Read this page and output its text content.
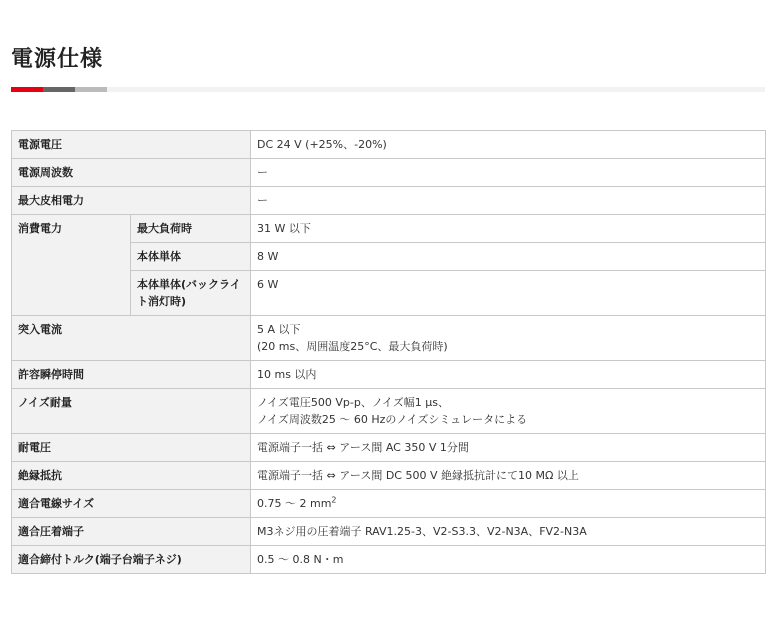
電源仕様
電源電圧		DC 24 V (+25%、-20%)
電源周波数		ー
最大皮相電力		ー
消費電力	最大負荷時	31 W 以下
	本体単体	8 W
	本体単体(バックライト消灯時)	6 W
突入電流		5 A 以下
(20 ms、周囲温度25°C、最大負荷時)
許容瞬停時間		10 ms 以内
ノイズ耐量		ノイズ電圧500 Vp-p、ノイズ幅1 μs、
ノイズ周波数25 〜 60 Hzのノイズシミュレータによる
耐電圧		電源端子一括 ⇔ アース間 AC 350 V 1分間
絶縁抵抗		電源端子一括 ⇔ アース間 DC 500 V 絶縁抵抗計にて10 MΩ 以上
適合電線サイズ		0.75 〜 2 $mm^2$
適合圧着端子		M3ネジ用の圧着端子 RAV1.25-3、V2-S3.3、V2-N3A、FV2-N3A
適合締付トルク(端子台端子ネジ)		0.5 〜 0.8 N・m
